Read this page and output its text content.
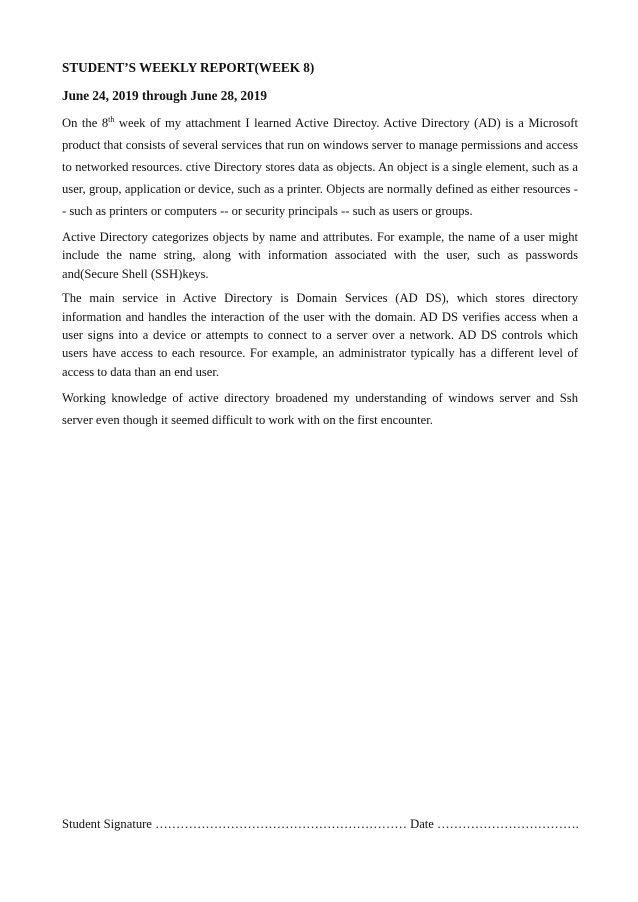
STUDENT’S WEEKLY REPORT(WEEK 8)
June 24, 2019 through June 28, 2019

On the 8th week of my attachment I learned Active Directoy. Active Directory (AD) is a Microsoft product that consists of several services that run on windows server to manage permissions and access to networked resources. ctive Directory stores data as objects. An object is a single element, such as a user, group, application or device, such as a printer. Objects are normally defined as either resources -- such as printers or computers -- or security principals -- such as users or groups.

Active Directory categorizes objects by name and attributes. For example, the name of a user might include the name string, along with information associated with the user, such as passwords and(Secure Shell (SSH)keys.

The main service in Active Directory is Domain Services (AD DS), which stores directory information and handles the interaction of the user with the domain. AD DS verifies access when a user signs into a device or attempts to connect to a server over a network. AD DS controls which users have access to each resource. For example, an administrator typically has a different level of access to data than an end user.

Working knowledge of active directory broadened my understanding of windows server and Ssh server even though it seemed difficult to work with on the first encounter.

Student Signature …………………………………………………… Date …………………………….
